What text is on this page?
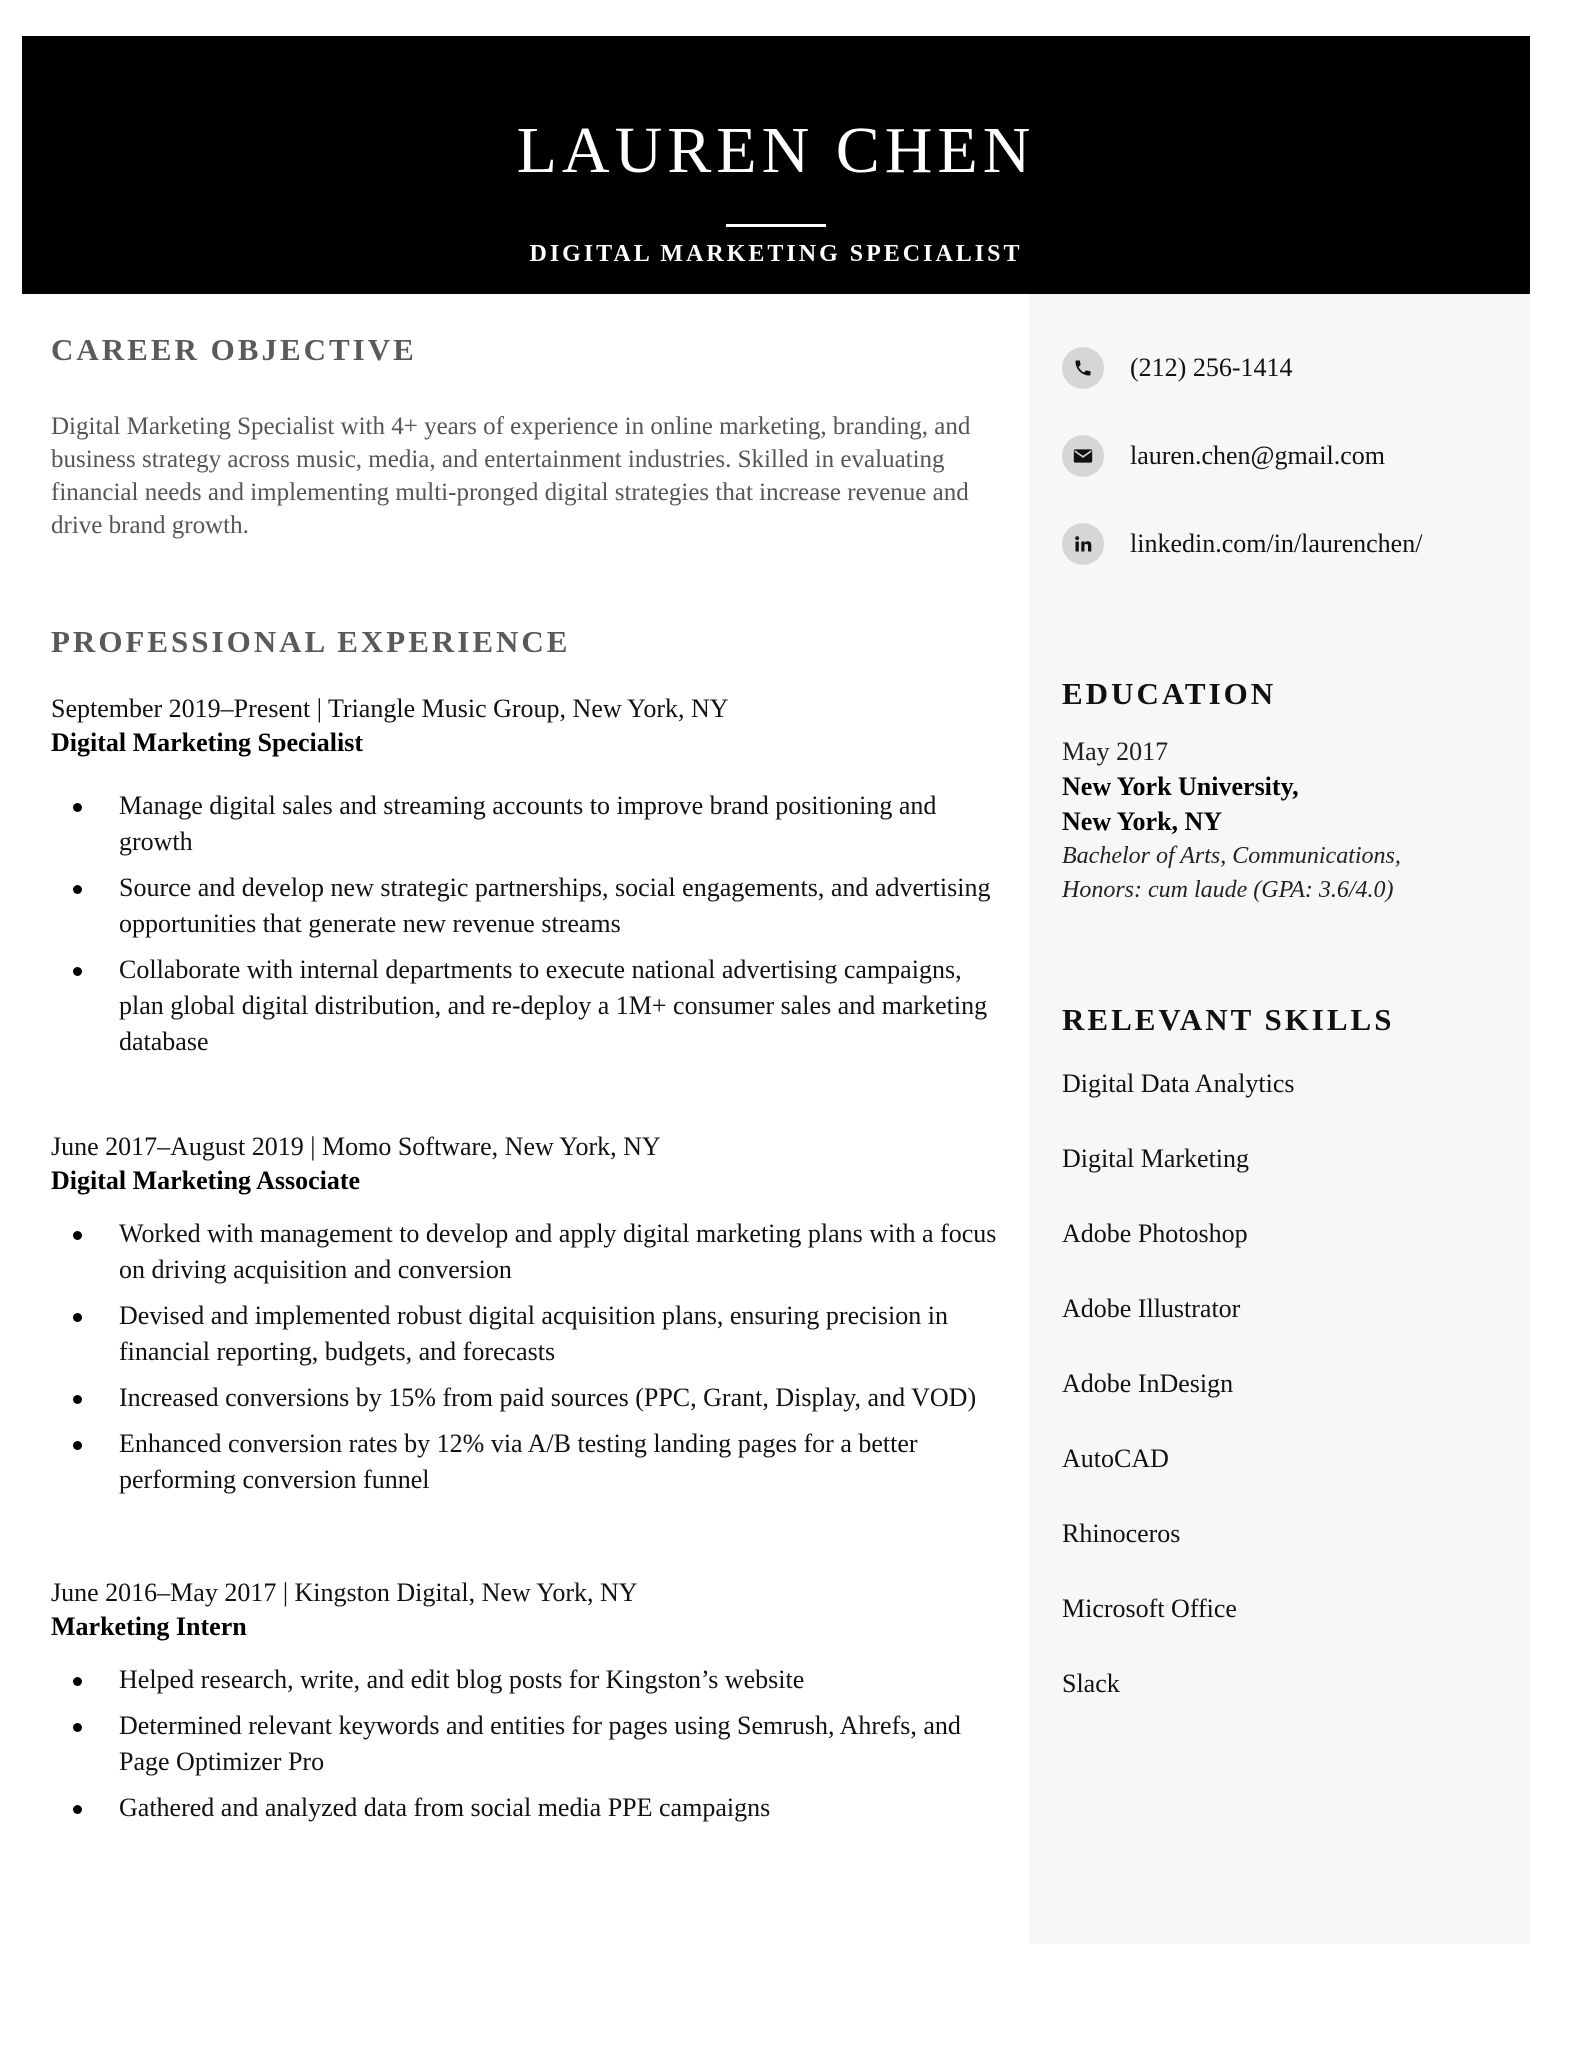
LAUREN CHEN
DIGITAL MARKETING SPECIALIST
CAREER OBJECTIVE
Digital Marketing Specialist with 4+ years of experience in online marketing, branding, and business strategy across music, media, and entertainment industries. Skilled in evaluating financial needs and implementing multi-pronged digital strategies that increase revenue and drive brand growth.
PROFESSIONAL EXPERIENCE
September 2019–Present | Triangle Music Group, New York, NY
Digital Marketing Specialist
Manage digital sales and streaming accounts to improve brand positioning and growth
Source and develop new strategic partnerships, social engagements, and advertising opportunities that generate new revenue streams
Collaborate with internal departments to execute national advertising campaigns, plan global digital distribution, and re-deploy a 1M+ consumer sales and marketing database
June 2017–August 2019 | Momo Software, New York, NY
Digital Marketing Associate
Worked with management to develop and apply digital marketing plans with a focus on driving acquisition and conversion
Devised and implemented robust digital acquisition plans, ensuring precision in financial reporting, budgets, and forecasts
Increased conversions by 15% from paid sources (PPC, Grant, Display, and VOD)
Enhanced conversion rates by 12% via A/B testing landing pages for a better performing conversion funnel
June 2016–May 2017 | Kingston Digital, New York, NY
Marketing Intern
Helped research, write, and edit blog posts for Kingston’s website
Determined relevant keywords and entities for pages using Semrush, Ahrefs, and Page Optimizer Pro
Gathered and analyzed data from social media PPE campaigns
(212) 256-1414
lauren.chen@gmail.com
linkedin.com/in/laurenchen/
EDUCATION
May 2017
New York University,
New York, NY
Bachelor of Arts, Communications,
Honors: cum laude (GPA: 3.6/4.0)
RELEVANT SKILLS
Digital Data Analytics
Digital Marketing
Adobe Photoshop
Adobe Illustrator
Adobe InDesign
AutoCAD
Rhinoceros
Microsoft Office
Slack
